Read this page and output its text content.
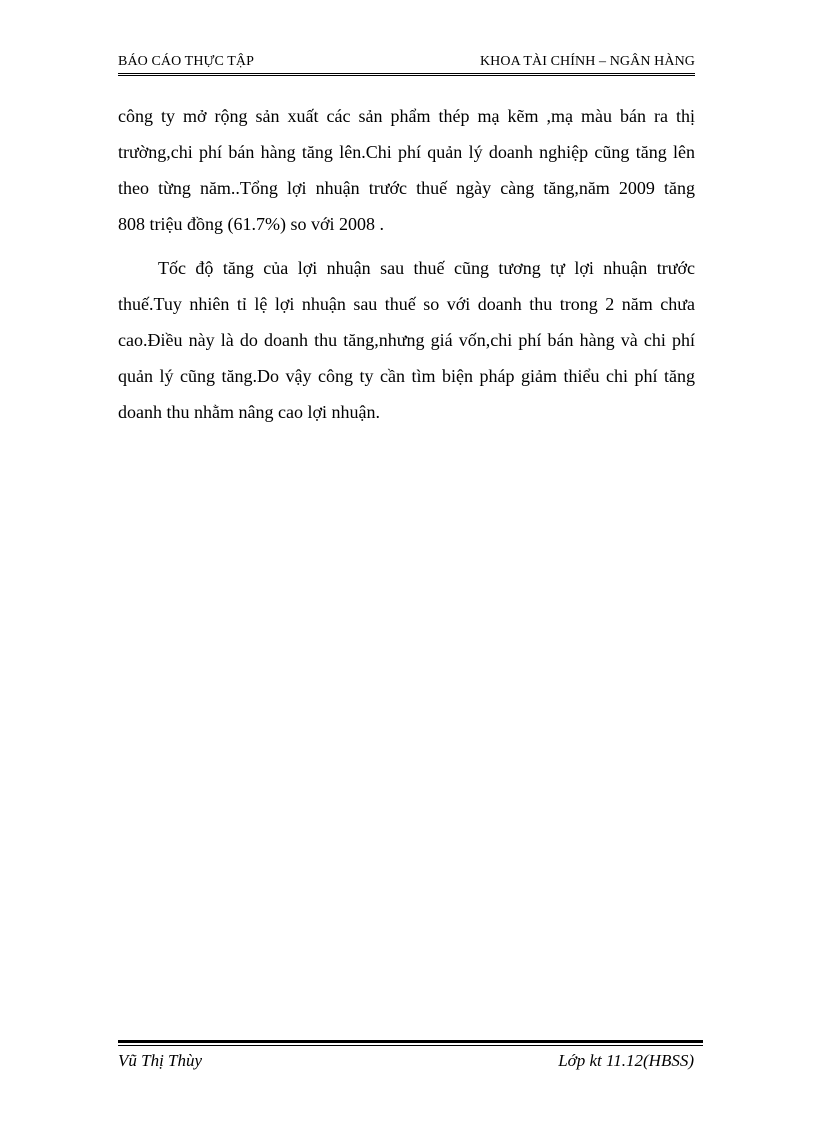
BÁO CÁO THỰC TẬP	KHOA TÀI CHÍNH – NGÂN HÀNG
công ty mở rộng sản xuất các sản phẩm thép mạ kẽm ,mạ màu bán ra thị
trường,chi phí bán hàng tăng lên.Chi phí quản lý doanh nghiệp cũng tăng lên
theo từng năm..Tổng lợi nhuận trước thuế ngày càng tăng,năm 2009 tăng
808 triệu đồng (61.7%) so với 2008 .
Tốc độ tăng của lợi nhuận sau thuế cũng tương tự lợi nhuận trước
thuế.Tuy nhiên tỉ lệ lợi nhuận sau thuế so với doanh thu trong 2 năm chưa
cao.Điều này là do doanh thu tăng,nhưng giá vốn,chi phí bán hàng và chi phí
quản lý cũng tăng.Do vậy công ty cần tìm biện pháp giảm thiểu chi phí tăng
doanh thu nhằm nâng cao lợi nhuận.
Vũ Thị Thùy	Lớp kt 11.12(HBSS)
